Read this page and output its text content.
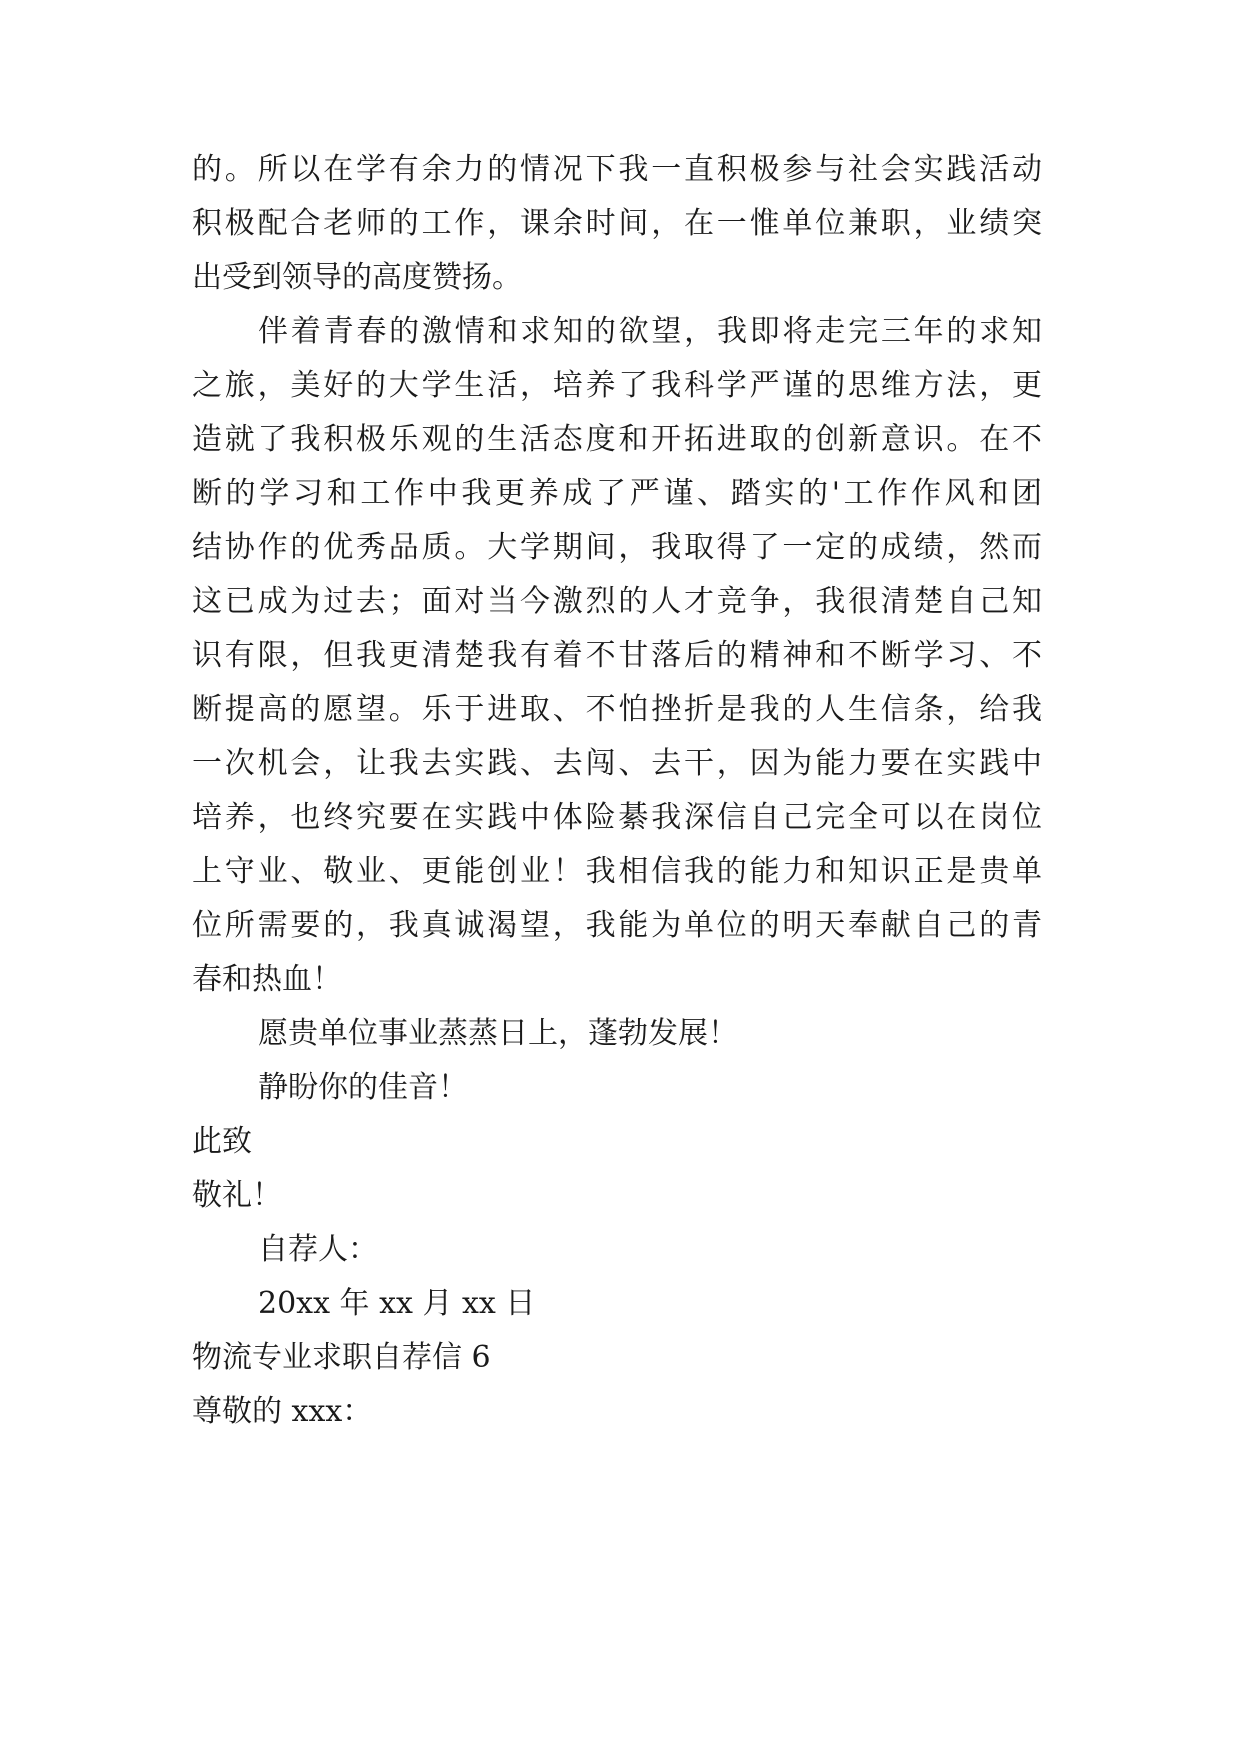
的。所以在学有余力的情况下我一直积极参与社会实践活动
积极配合老师的工作，课余时间，在一惟单位兼职，业绩突
出受到领导的高度赞扬。
伴着青春的激情和求知的欲望，我即将走完三年的求知
之旅，美好的大学生活，培养了我科学严谨的思维方法，更
造就了我积极乐观的生活态度和开拓进取的创新意识。在不
断的学习和工作中我更养成了严谨、踏实的'工作作风和团
结协作的优秀品质。大学期间，我取得了一定的成绩，然而
这已成为过去；面对当今激烈的人才竞争，我很清楚自己知
识有限，但我更清楚我有着不甘落后的精神和不断学习、不
断提高的愿望。乐于进取、不怕挫折是我的人生信条，给我
一次机会，让我去实践、去闯、去干，因为能力要在实践中
培养，也终究要在实践中体险綦我深信自己完全可以在岗位
上守业、敬业、更能创业！我相信我的能力和知识正是贵单
位所需要的，我真诚渴望，我能为单位的明天奉献自己的青
春和热血！
愿贵单位事业蒸蒸日上，蓬勃发展！
静盼你的佳音！
此致
敬礼！
自荐人：
20xx 年 xx 月 xx 日
物流专业求职自荐信 6
尊敬的 xxx：
